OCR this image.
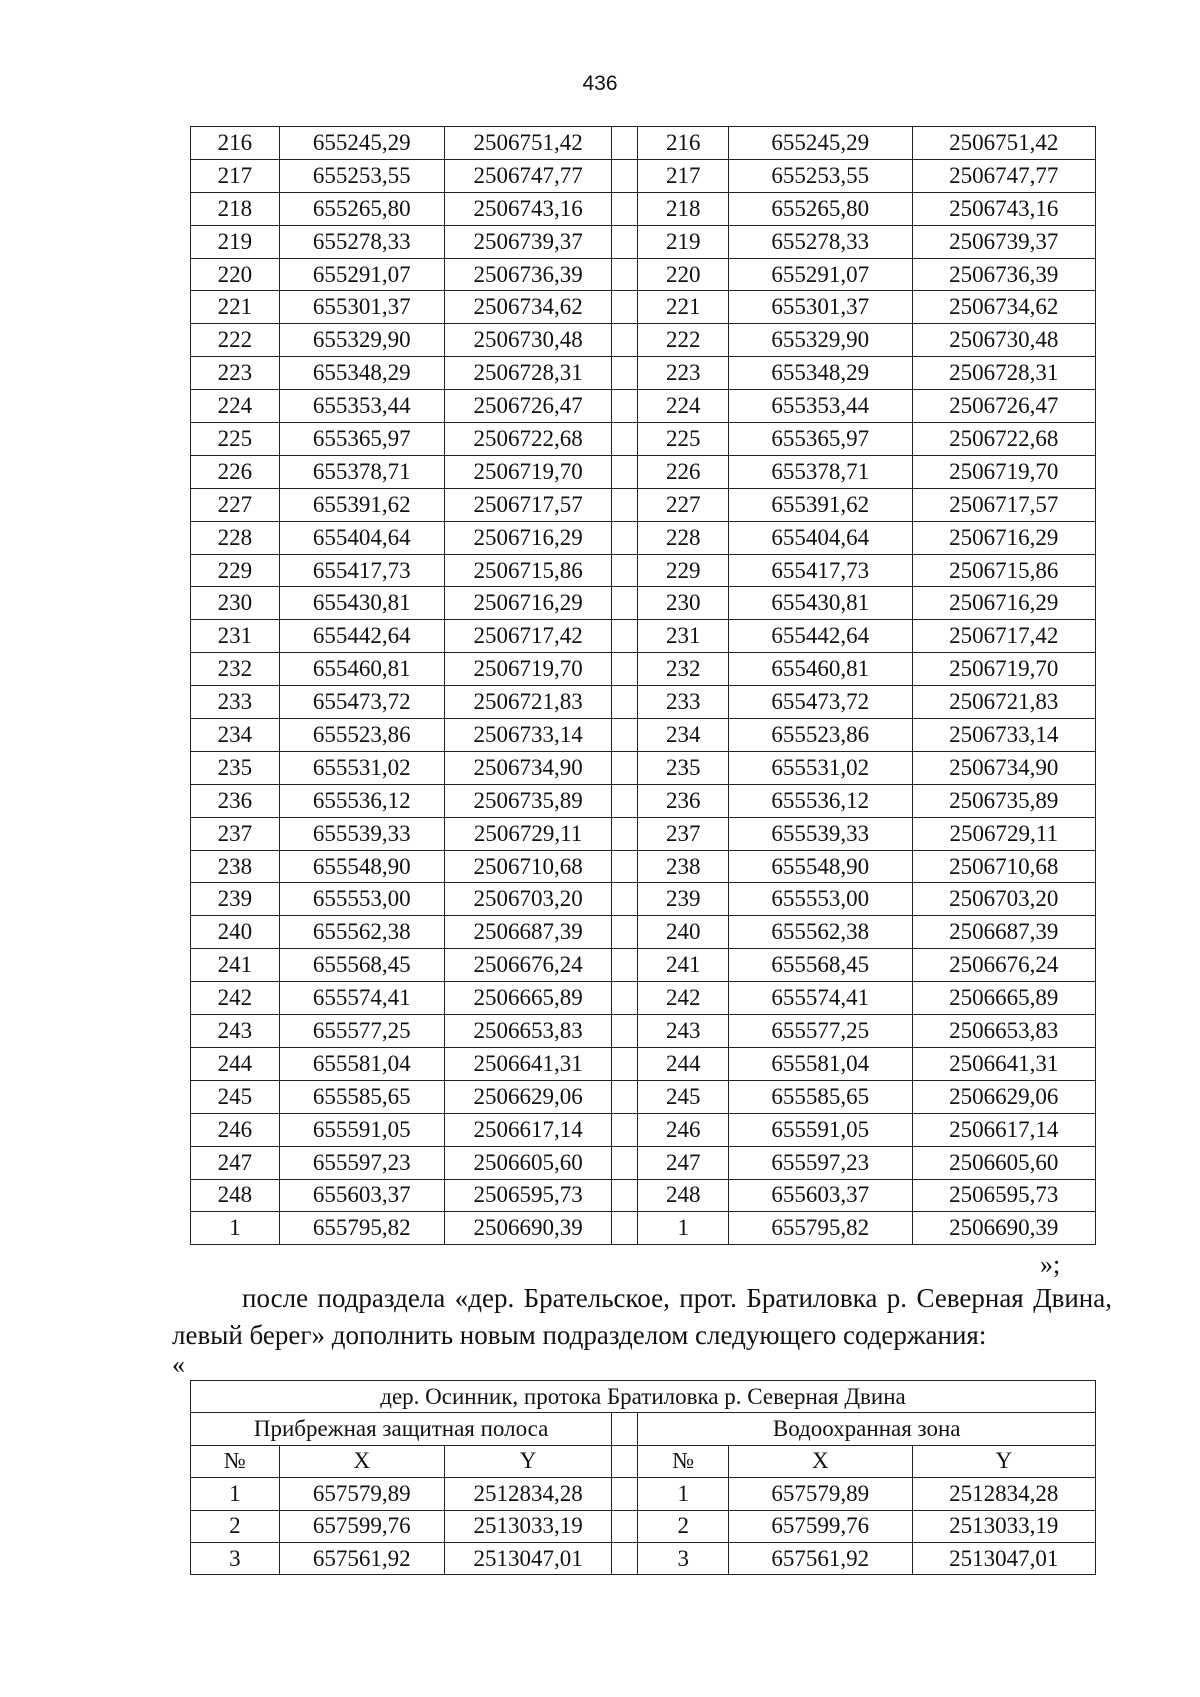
436
216	655245,29	2506751,42		216	655245,29	2506751,42
217	655253,55	2506747,77		217	655253,55	2506747,77
218	655265,80	2506743,16		218	655265,80	2506743,16
219	655278,33	2506739,37		219	655278,33	2506739,37
220	655291,07	2506736,39		220	655291,07	2506736,39
221	655301,37	2506734,62		221	655301,37	2506734,62
222	655329,90	2506730,48		222	655329,90	2506730,48
223	655348,29	2506728,31		223	655348,29	2506728,31
224	655353,44	2506726,47		224	655353,44	2506726,47
225	655365,97	2506722,68		225	655365,97	2506722,68
226	655378,71	2506719,70		226	655378,71	2506719,70
227	655391,62	2506717,57		227	655391,62	2506717,57
228	655404,64	2506716,29		228	655404,64	2506716,29
229	655417,73	2506715,86		229	655417,73	2506715,86
230	655430,81	2506716,29		230	655430,81	2506716,29
231	655442,64	2506717,42		231	655442,64	2506717,42
232	655460,81	2506719,70		232	655460,81	2506719,70
233	655473,72	2506721,83		233	655473,72	2506721,83
234	655523,86	2506733,14		234	655523,86	2506733,14
235	655531,02	2506734,90		235	655531,02	2506734,90
236	655536,12	2506735,89		236	655536,12	2506735,89
237	655539,33	2506729,11		237	655539,33	2506729,11
238	655548,90	2506710,68		238	655548,90	2506710,68
239	655553,00	2506703,20		239	655553,00	2506703,20
240	655562,38	2506687,39		240	655562,38	2506687,39
241	655568,45	2506676,24		241	655568,45	2506676,24
242	655574,41	2506665,89		242	655574,41	2506665,89
243	655577,25	2506653,83		243	655577,25	2506653,83
244	655581,04	2506641,31		244	655581,04	2506641,31
245	655585,65	2506629,06		245	655585,65	2506629,06
246	655591,05	2506617,14		246	655591,05	2506617,14
247	655597,23	2506605,60		247	655597,23	2506605,60
248	655603,37	2506595,73		248	655603,37	2506595,73
1	655795,82	2506690,39		1	655795,82	2506690,39
»;

после подраздела «дер. Брательское, прот. Братиловка р. Северная Двина, левый берег» дополнить новым подразделом следующего содержания:

«
дер. Осинник, протока Братиловка р. Северная Двина						
Прибрежная защитная полоса				Водоохранная зона		
№	X	Y		№	X	Y
1	657579,89	2512834,28		1	657579,89	2512834,28
2	657599,76	2513033,19		2	657599,76	2513033,19
3	657561,92	2513047,01		3	657561,92	2513047,01
